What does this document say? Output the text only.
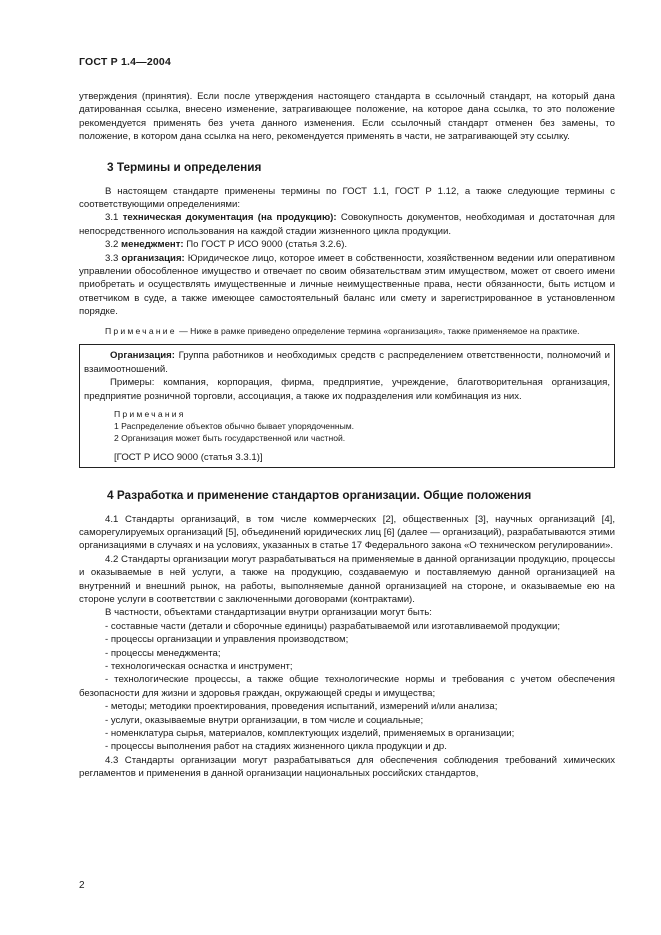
ГОСТ Р 1.4—2004

утверждения (принятия). Если после утверждения настоящего стандарта в ссылочный стандарт, на который дана датированная ссылка, внесено изменение, затрагивающее положение, на которое дана ссылка, то это положение рекомендуется применять без учета данного изменения. Если ссылочный стандарт отменен без замены, то положение, в котором дана ссылка на него, рекомендуется применять в части, не затрагивающей эту ссылку.

3 Термины и определения

В настоящем стандарте применены термины по ГОСТ 1.1, ГОСТ Р 1.12, а также следующие термины с соответствующими определениями:

3.1 техническая документация (на продукцию): Совокупность документов, необходимая и достаточная для непосредственного использования на каждой стадии жизненного цикла продукции.

3.2 менеджмент: По ГОСТ Р ИСО 9000 (статья 3.2.6).

3.3 организация: Юридическое лицо, которое имеет в собственности, хозяйственном ведении или оперативном управлении обособленное имущество и отвечает по своим обязательствам этим имуществом, может от своего имени приобретать и осуществлять имущественные и личные неимущественные права, нести обязанности, быть истцом и ответчиком в суде, а также имеющее самостоятельный баланс или смету и зарегистрированное в установленном порядке.

Примечание — Ниже в рамке приведено определение термина «организация», также применяемое на практике.

Организация: Группа работников и необходимых средств с распределением ответственности, полномочий и взаимоотношений.

Примеры: компания, корпорация, фирма, предприятие, учреждение, благотворительная организация, предприятие розничной торговли, ассоциация, а также их подразделения или комбинация из них.

Примечания

1 Распределение объектов обычно бывает упорядоченным.

2 Организация может быть государственной или частной.

[ГОСТ Р ИСО 9000 (статья 3.3.1)]
4 Разработка и применение стандартов организации. Общие положения

4.1 Стандарты организаций, в том числе коммерческих [2], общественных [3], научных организаций [4], саморегулируемых организаций [5], объединений юридических лиц [6] (далее — организаций), разрабатываются этими организациями в случаях и на условиях, указанных в статье 17 Федерального закона «О техническом регулировании».

4.2 Стандарты организации могут разрабатываться на применяемые в данной организации продукцию, процессы и оказываемые в ней услуги, а также на продукцию, создаваемую и поставляемую данной организацией на внутренний и внешний рынок, на работы, выполняемые данной организацией на стороне, и оказываемые ею на стороне услуги в соответствии с заключенными договорами (контрактами).

В частности, объектами стандартизации внутри организации могут быть:

- составные части (детали и сборочные единицы) разрабатываемой или изготавливаемой продукции;

- процессы организации и управления производством;

- процессы менеджмента;

- технологическая оснастка и инструмент;

- технологические процессы, а также общие технологические нормы и требования с учетом обеспечения безопасности для жизни и здоровья граждан, окружающей среды и имущества;

- методы; методики проектирования, проведения испытаний, измерений и/или анализа;

- услуги, оказываемые внутри организации, в том числе и социальные;

- номенклатура сырья, материалов, комплектующих изделий, применяемых в организации;

- процессы выполнения работ на стадиях жизненного цикла продукции и др.

4.3 Стандарты организации могут разрабатываться для обеспечения соблюдения требований химических регламентов и применения в данной организации национальных российских стандартов,

2
